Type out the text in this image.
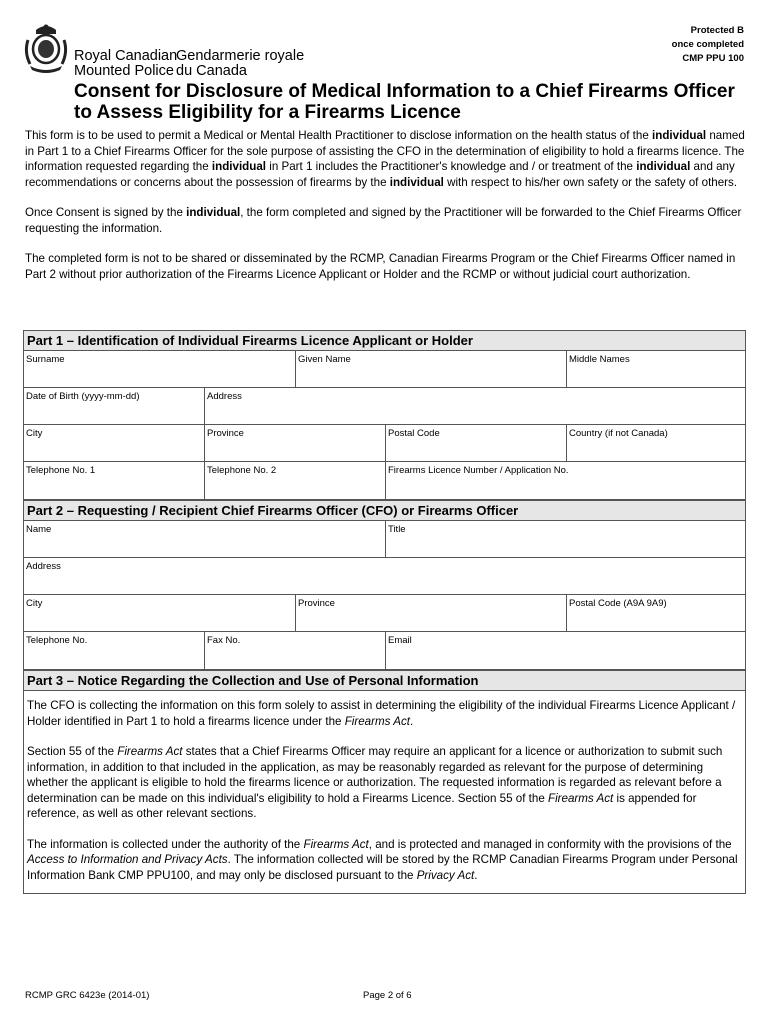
Royal Canadian
Mounted Police
Gendarmerie royale
du Canada
Protected B
once completed
CMP PPU 100
Consent for Disclosure of Medical Information to a Chief Firearms Officer to Assess Eligibility for a Firearms Licence

This form is to be used to permit a Medical or Mental Health Practitioner to disclose information on the health status of the individual named in Part 1 to a Chief Firearms Officer for the sole purpose of assisting the CFO in the determination of eligibility to hold a firearms licence. The information requested regarding the individual in Part 1 includes the Practitioner's knowledge and / or treatment of the individual and any recommendations or concerns about the possession of firearms by the individual with respect to his/her own safety or the safety of others.

Once Consent is signed by the individual, the form completed and signed by the Practitioner will be forwarded to the Chief Firearms Officer requesting the information.

The completed form is not to be shared or disseminated by the RCMP, Canadian Firearms Program or the Chief Firearms Officer named in Part 2 without prior authorization of the Firearms Licence Applicant or Holder and the RCMP or without judicial court authorization.

Part 1 – Identification of Individual Firearms Licence Applicant or Holder
Surname	Given Name	Middle Names
Date of Birth (yyyy-mm-dd)	Address
City	Province	Postal Code	Country (if not Canada)
Telephone No. 1	Telephone No. 2	Firearms Licence Number / Application No.
Part 2 – Requesting / Recipient Chief Firearms Officer (CFO) or Firearms Officer
Name	Title
Address
City	Province	Postal Code (A9A 9A9)
Telephone No.	Fax No.	Email
Part 3 – Notice Regarding the Collection and Use of Personal Information

The CFO is collecting the information on this form solely to assist in determining the eligibility of the individual Firearms Licence Applicant / Holder identified in Part 1 to hold a firearms licence under the Firearms Act.

Section 55 of the Firearms Act states that a Chief Firearms Officer may require an applicant for a licence or authorization to submit such information, in addition to that included in the application, as may be reasonably regarded as relevant for the purpose of determining whether the applicant is eligible to hold the firearms licence or authorization. The requested information is regarded as relevant before a determination can be made on this individual's eligibility to hold a Firearms Licence. Section 55 of the Firearms Act is appended for reference, as well as other relevant sections.

The information is collected under the authority of the Firearms Act, and is protected and managed in conformity with the provisions of the Access to Information and Privacy Acts. The information collected will be stored by the RCMP Canadian Firearms Program under Personal Information Bank CMP PPU100, and may only be disclosed pursuant to the Privacy Act.

RCMP GRC 6423e (2014-01)	Page 2 of 6
